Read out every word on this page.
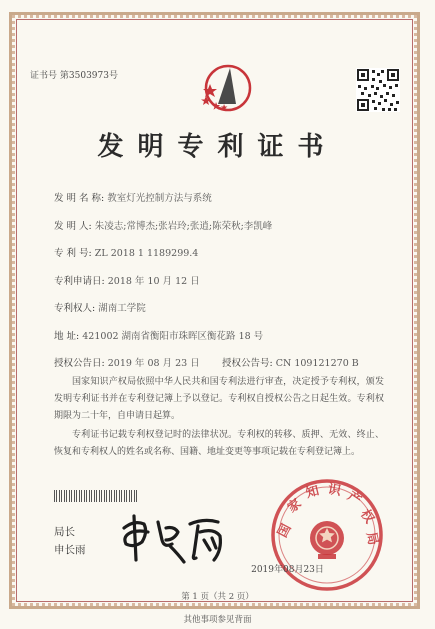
证书号 第3503973号
发明专利证书
发 明 名 称: 教室灯光控制方法与系统
发 明 人: 朱凌志;常博杰;张岩玲;张逍;陈荣秋;李凯峰
专 利 号: ZL 2018 1 1189299.4
专利申请日: 2018 年 10 月 12 日
专利权人: 湖南工学院
地 址: 421002 湖南省衡阳市珠晖区衡花路 18 号
授权公告日: 2019 年 08 月 23 日 授权公告号: CN 109121270 B
国家知识产权局依照中华人民共和国专利法进行审查，决定授予专利权，颁发发明专利证书并在专利登记簿上予以登记。专利权自授权公告之日起生效。专利权期限为二十年，自申请日起算。
专利证书记载专利权登记时的法律状况。专利权的转移、质押、无效、终止、恢复和专利权人的姓名或名称、国籍、地址变更等事项记载在专利登记簿上。
局长
申长雨
国
家
知 识 产
权
局
2019年08月23日
第 1 页（共 2 页）
其他事项参见背面
